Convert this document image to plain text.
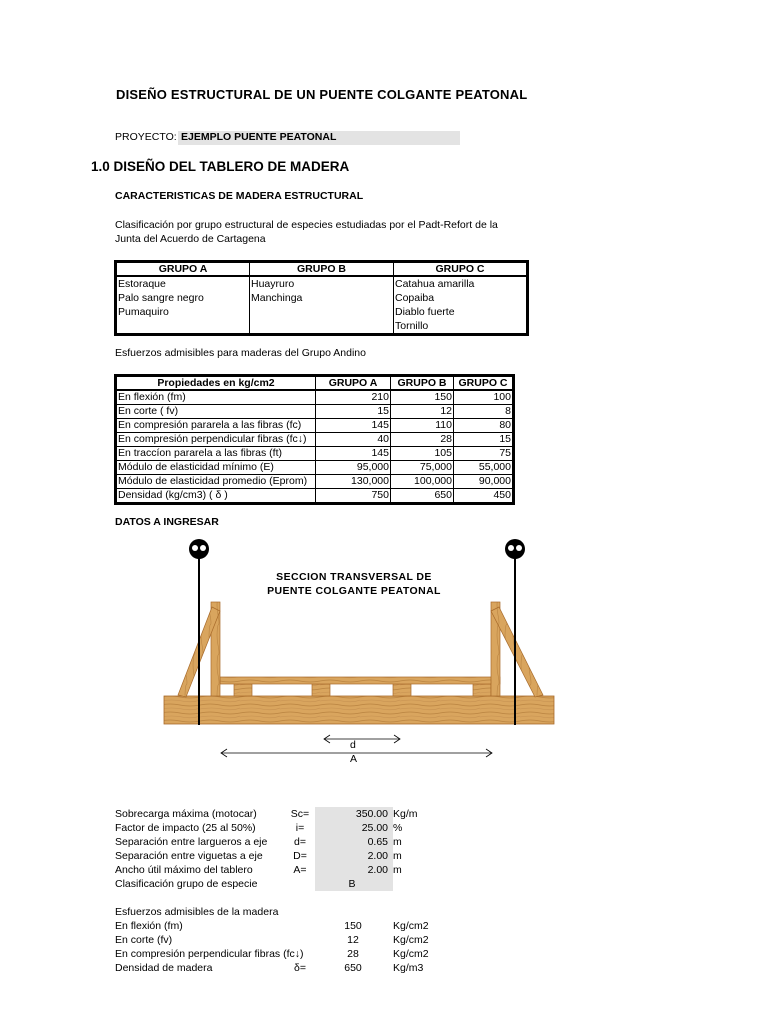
DISEÑO ESTRUCTURAL DE UN PUENTE COLGANTE PEATONAL
PROYECTO: EJEMPLO PUENTE PEATONAL
1.0 DISEÑO DEL TABLERO DE MADERA
CARACTERISTICAS DE MADERA ESTRUCTURAL
Clasificación por grupo estructural de especies estudiadas por el Padt-Refort de la
Junta del Acuerdo de Cartagena
GRUPO A	GRUPO B	GRUPO C
Estoraque	Huayruro	Catahua amarilla
Palo sangre negro	Manchinga	Copaiba
Pumaquiro		Diablo fuerte
		Tornillo
Esfuerzos admisibles para maderas del Grupo Andino
Propiedades en kg/cm2	GRUPO A	GRUPO B	GRUPO C
En flexión (fm)	210	150	100
En corte ( fv)	15	12	8
En compresión pararela a las fibras (fc)	145	110	80
En compresión perpendicular fibras (fc↓)	40	28	15
En traccíon pararela a las fibras (ft)	145	105	75
Módulo de elasticidad mínimo (E)	95,000	75,000	55,000
Módulo de elasticidad promedio (Eprom)	130,000	100,000	90,000
Densidad (kg/cm3) ( δ )	750	650	450
DATOS A INGRESAR
SECCION TRANSVERSAL DE
PUENTE COLGANTE PEATONAL
d
A
Sobrecarga máxima (motocar)	Sc=	350.00 Kg/m
Factor de impacto (25 al 50%)	i=	25.00 %
Separación entre largueros a eje	d=	0.65 m
Separación entre viguetas a eje	D=	2.00 m
Ancho útil máximo del tablero	A=	2.00 m
Clasificación grupo de especie	B
Esfuerzos admisibles de la madera
En flexión (fm)	150	Kg/cm2
En corte (fv)	12	Kg/cm2
En compresión perpendicular fibras (fc↓)	28	Kg/cm2
Densidad de madera	δ=	650	Kg/m3
